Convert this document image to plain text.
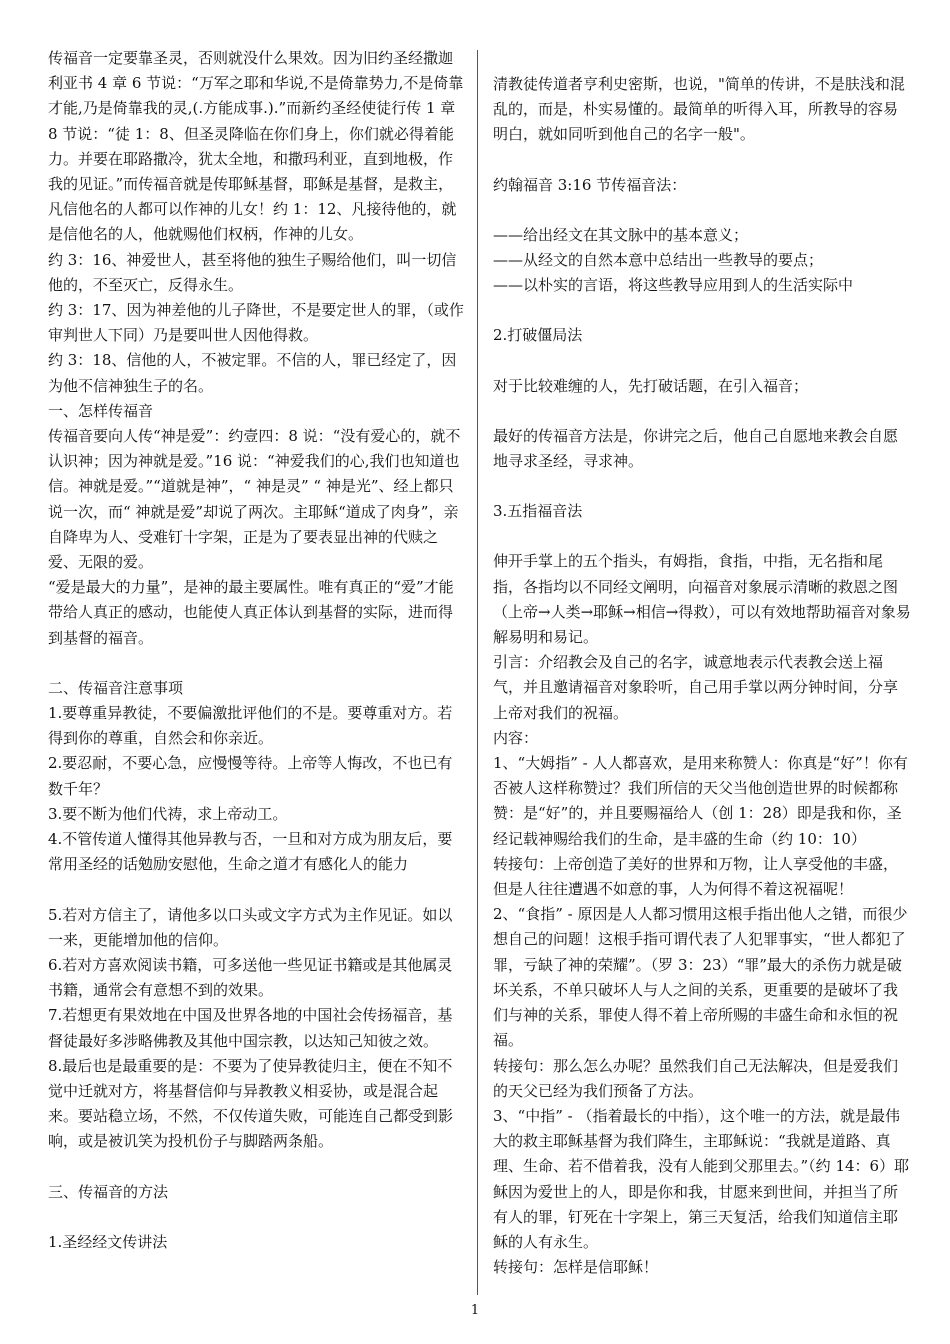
传福音一定要靠圣灵，否则就没什么果效。因为旧约圣经撒迦利亚书 4 章 6 节说：“万军之耶和华说,不是倚靠势力,不是倚靠才能,乃是倚靠我的灵,(.方能成事.).”而新约圣经使徒行传 1 章 8 节说：“徒 1：8、但圣灵降临在你们身上，你们就必得着能力。并要在耶路撒冷，犹太全地，和撒玛利亚，直到地极，作我的见证。”而传福音就是传耶稣基督，耶稣是基督，是救主，凡信他名的人都可以作神的儿女！约 1：12、凡接待他的，就是信他名的人，他就赐他们权柄，作神的儿女。

约 3：16、神爱世人，甚至将他的独生子赐给他们，叫一切信他的，不至灭亡，反得永生。

约 3：17、因为神差他的儿子降世，不是要定世人的罪，（或作审判世人下同）乃是要叫世人因他得救。

约 3：18、信他的人，不被定罪。不信的人，罪已经定了，因为他不信神独生子的名。

一、怎样传福音

传福音要向人传“神是爱”：约壹四：8 说：“没有爱心的，就不认识神；因为神就是爱。”16 说：“神爱我们的心,我们也知道也信。神就是爱。”“道就是神”，“ 神是灵” “ 神是光”、经上都只说一次，而“ 神就是爱”却说了两次。主耶稣“道成了肉身”，亲自降卑为人、受难钉十字架，正是为了要表显出神的代赎之爱、无限的爱。

“爱是最大的力量”，是神的最主要属性。唯有真正的“爱”才能带给人真正的感动，也能使人真正体认到基督的实际，进而得到基督的福音。

二、传福音注意事项

1.要尊重异教徒，不要偏激批评他们的不是。要尊重对方。若得到你的尊重，自然会和你亲近。

2.要忍耐，不要心急，应慢慢等待。上帝等人悔改，不也已有数千年？

3.要不断为他们代祷，求上帝动工。

4.不管传道人懂得其他异教与否，一旦和对方成为朋友后，要常用圣经的话勉励安慰他，生命之道才有感化人的能力

5.若对方信主了，请他多以口头或文字方式为主作见证。如以一来，更能增加他的信仰。

6.若对方喜欢阅读书籍，可多送他一些见证书籍或是其他属灵书籍，通常会有意想不到的效果。

7.若想更有果效地在中国及世界各地的中国社会传扬福音，基督徒最好多涉略佛教及其他中国宗教，以达知己知彼之效。

8.最后也是最重要的是：不要为了使异教徒归主，便在不知不觉中迁就对方，将基督信仰与异教教义相妥协，或是混合起来。要站稳立场，不然，不仅传道失败，可能连自己都受到影响，或是被讥笑为投机份子与脚踏两条船。

三、传福音的方法

1.圣经经文传讲法

清教徒传道者亨利史密斯，也说，"简单的传讲，不是肤浅和混乱的，而是，朴实易懂的。最简单的听得入耳，所教导的容易明白，就如同听到他自己的名字一般"。

约翰福音 3:16 节传福音法：

——给出经文在其文脉中的基本意义；

——从经文的自然本意中总结出一些教导的要点；

——以朴实的言语，将这些教导应用到人的生活实际中

2.打破僵局法

对于比较难缠的人，先打破话题，在引入福音；

最好的传福音方法是，你讲完之后，他自己自愿地来教会自愿地寻求圣经，寻求神。

3.五指福音法

伸开手掌上的五个指头，有姆指，食指，中指，无名指和尾指，各指均以不同经文阐明，向福音对象展示清晰的救恩之图（上帝→人类→耶稣→相信→得救），可以有效地帮助福音对象易解易明和易记。

引言：介绍教会及自己的名字，诚意地表示代表教会送上福气，并且邀请福音对象聆听，自己用手掌以两分钟时间，分享上帝对我们的祝福。

内容：

1、“大姆指” - 人人都喜欢，是用来称赞人：你真是“好”！你有否被人这样称赞过？我们所信的天父当他创造世界的时候都称赞：是“好”的，并且要赐福给人（创 1：28）即是我和你，圣经记载神赐给我们的生命，是丰盛的生命（约 10：10）

转接句：上帝创造了美好的世界和万物，让人享受他的丰盛，但是人往往遭遇不如意的事，人为何得不着这祝福呢！

2、“食指” - 原因是人人都习惯用这根手指出他人之错，而很少想自己的问题！这根手指可谓代表了人犯罪事实，“世人都犯了罪，亏缺了神的荣耀”。（罗 3：23）“罪”最大的杀伤力就是破坏关系，不单只破坏人与人之间的关系，更重要的是破坏了我们与神的关系，罪使人得不着上帝所赐的丰盛生命和永恒的祝福。

转接句：那么怎么办呢？虽然我们自己无法解决，但是爱我们的天父已经为我们预备了方法。

3、“中指” - （指着最长的中指），这个唯一的方法，就是最伟大的救主耶稣基督为我们降生，主耶稣说：“我就是道路、真理、生命、若不借着我，没有人能到父那里去。”（约 14：6）耶稣因为爱世上的人，即是你和我，甘愿来到世间，并担当了所有人的罪，钉死在十字架上，第三天复活，给我们知道信主耶稣的人有永生。

转接句：怎样是信耶稣！

1
